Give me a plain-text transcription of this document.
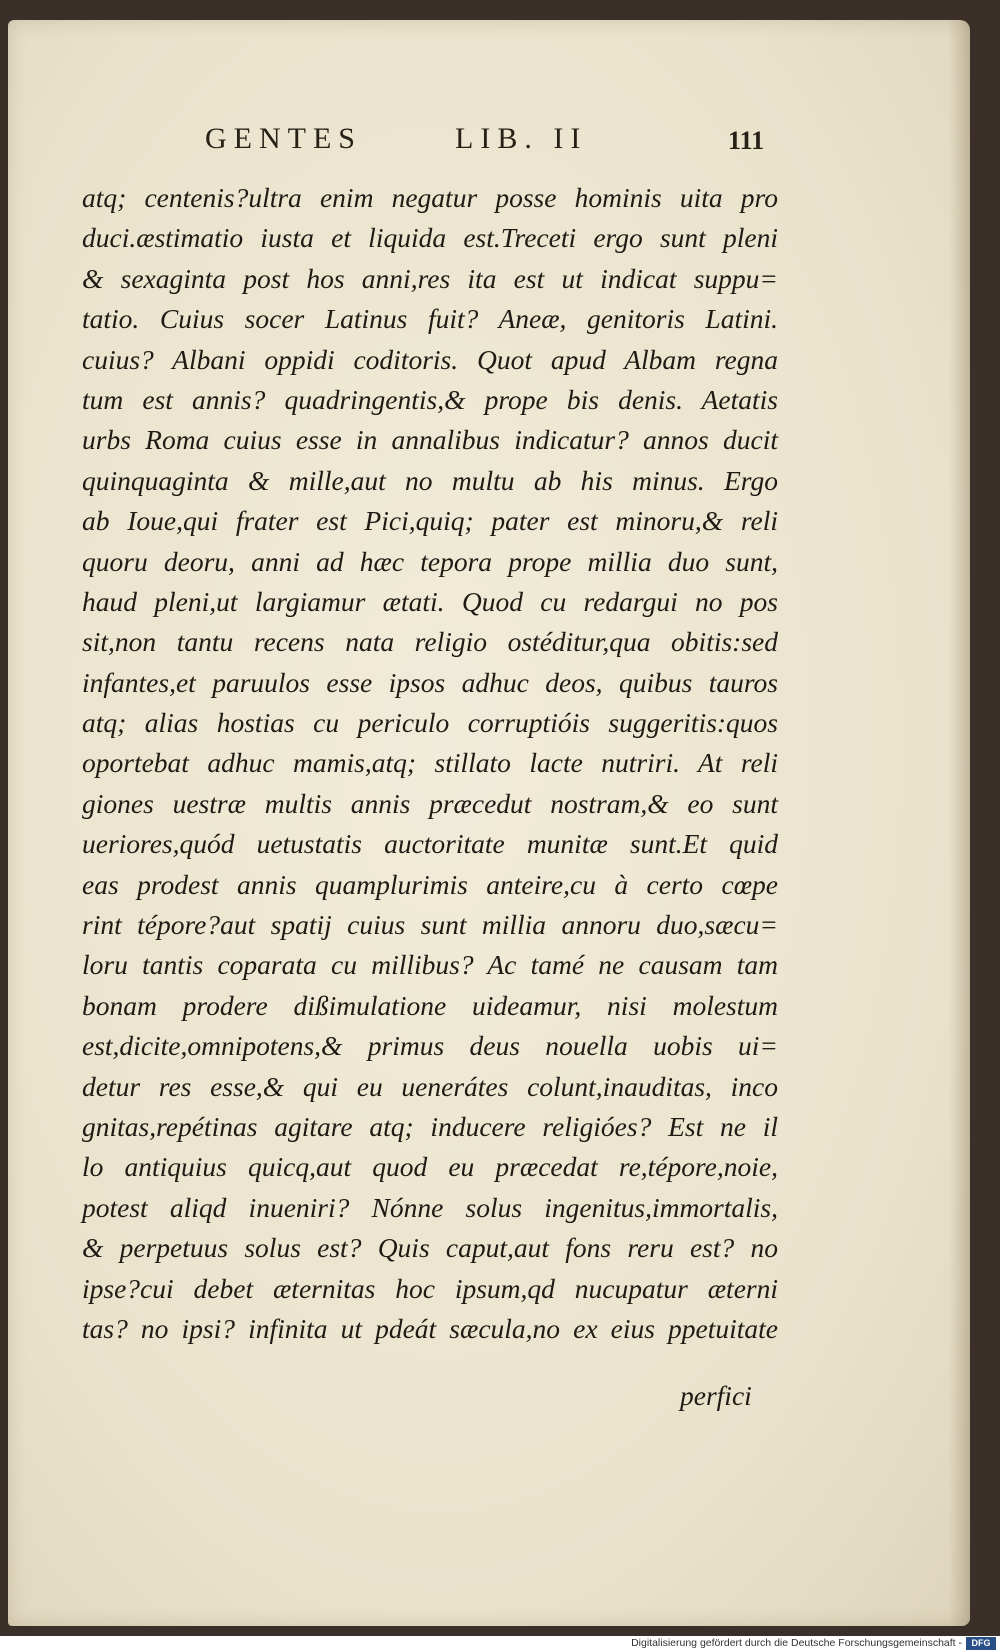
GENTES	LIB. II	111
atq; centenis?ultra enim negatur posse hominis uita pro
duci.æstimatio iusta et liquida est.Treceti ergo sunt pleni
& sexaginta post hos anni,res ita est ut indicat suppu=
tatio. Cuius socer Latinus fuit? Aneæ, genitoris Latini.
cuius? Albani oppidi coditoris. Quot apud Albam regna
tum est annis? quadringentis,& prope bis denis. Aetatis
urbs Roma cuius esse in annalibus indicatur? annos ducit
quinquaginta & mille,aut no multu ab his minus. Ergo
ab Ioue,qui frater est Pici,quiq; pater est minoru,& reli
quoru deoru, anni ad hæc tepora prope millia duo sunt,
haud pleni,ut largiamur ætati. Quod cu redargui no pos
sit,non tantu recens nata religio ostéditur,qua obitis:sed
infantes,et paruulos esse ipsos adhuc deos, quibus tauros
atq; alias hostias cu periculo corruptióis suggeritis:quos
oportebat adhuc mamis,atq; stillato lacte nutriri. At reli
giones uestræ multis annis præcedut nostram,& eo sunt
ueriores,quód uetustatis auctoritate munitæ sunt.Et quid
eas prodest annis quamplurimis anteire,cu à certo cœpe
rint tépore?aut spatij cuius sunt millia annoru duo,sæcu=
loru tantis coparata cu millibus? Ac tamé ne causam tam
bonam prodere dißimulatione uideamur, nisi molestum
est,dicite,omnipotens,& primus deus nouella uobis ui=
detur res esse,& qui eu uenerátes colunt,inauditas, inco
gnitas,repétinas agitare atq; inducere religióes? Est ne il
lo antiquius quicq,aut quod eu præcedat re,tépore,noie,
potest aliqd inueniri? Nónne solus ingenitus,immortalis,
& perpetuus solus est? Quis caput,aut fons reru est? no
ipse?cui debet æternitas hoc ipsum,qd nucupatur æterni
tas? no ipsi? infinita ut pdeát sæcula,no ex eius ppetuitate
perfici
Digitalisierung gefördert durch die Deutsche Forschungsgemeinschaft -	DFG
